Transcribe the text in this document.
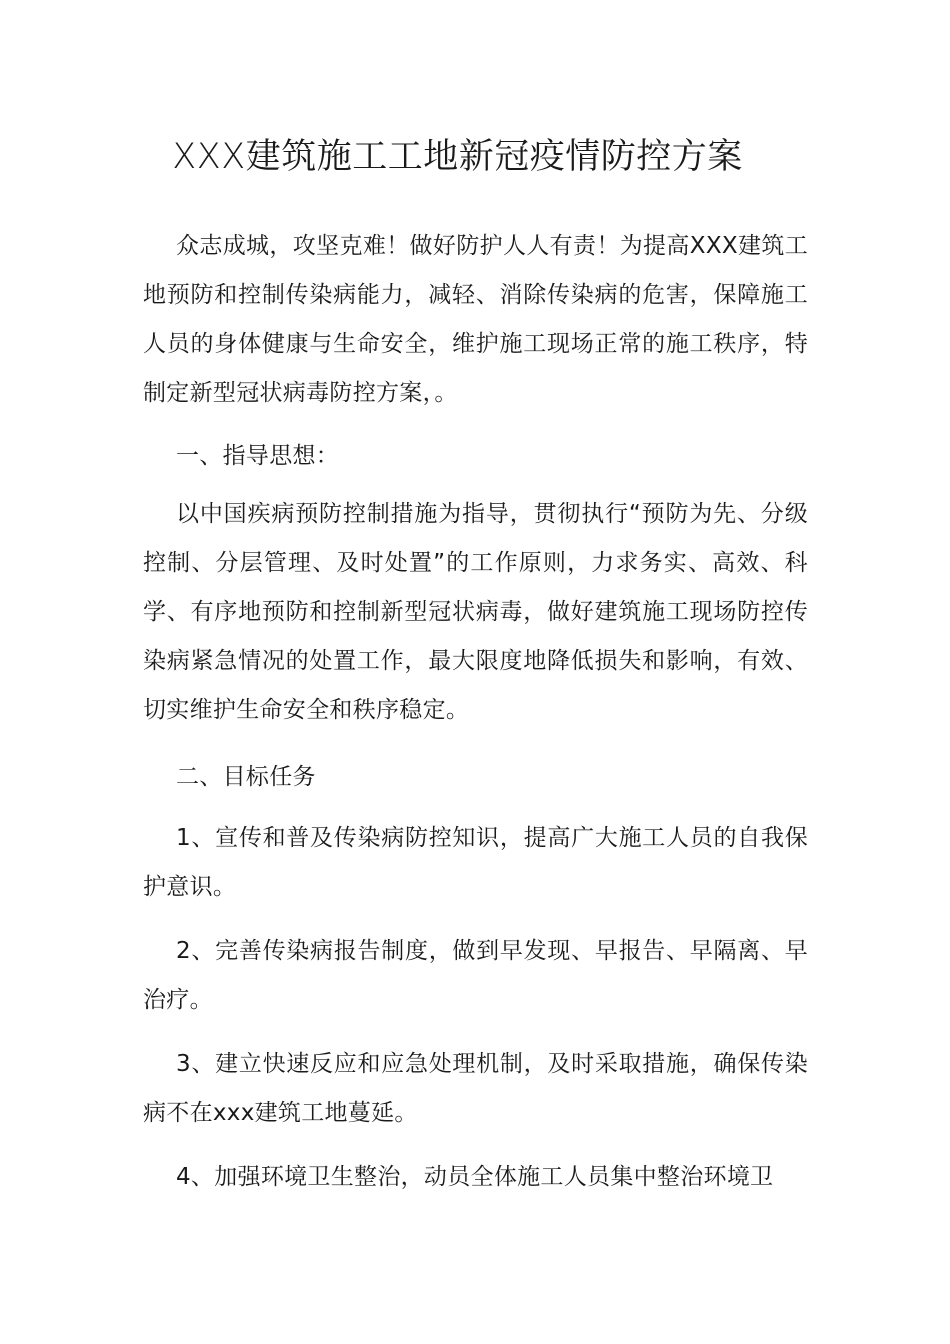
XXX建筑施工工地新冠疫情防控方案

众志成城，攻坚克难！做好防护人人有责！为提高XXX建筑工地预防和控制传染病能力，减轻、消除传染病的危害，保障施工人员的身体健康与生命安全，维护施工现场正常的施工秩序，特制定新型冠状病毒防控方案，。

一、指导思想：

以中国疾病预防控制措施为指导，贯彻执行“预防为先、分级控制、分层管理、及时处置”的工作原则，力求务实、高效、科学、有序地预防和控制新型冠状病毒，做好建筑施工现场防控传染病紧急情况的处置工作，最大限度地降低损失和影响，有效、切实维护生命安全和秩序稳定。

二、目标任务

1、宣传和普及传染病防控知识，提高广大施工人员的自我保护意识。

2、完善传染病报告制度，做到早发现、早报告、早隔离、早治疗。

3、建立快速反应和应急处理机制，及时采取措施，确保传染病不在xxx建筑工地蔓延。

4、加强环境卫生整治，动员全体施工人员集中整治环境卫
